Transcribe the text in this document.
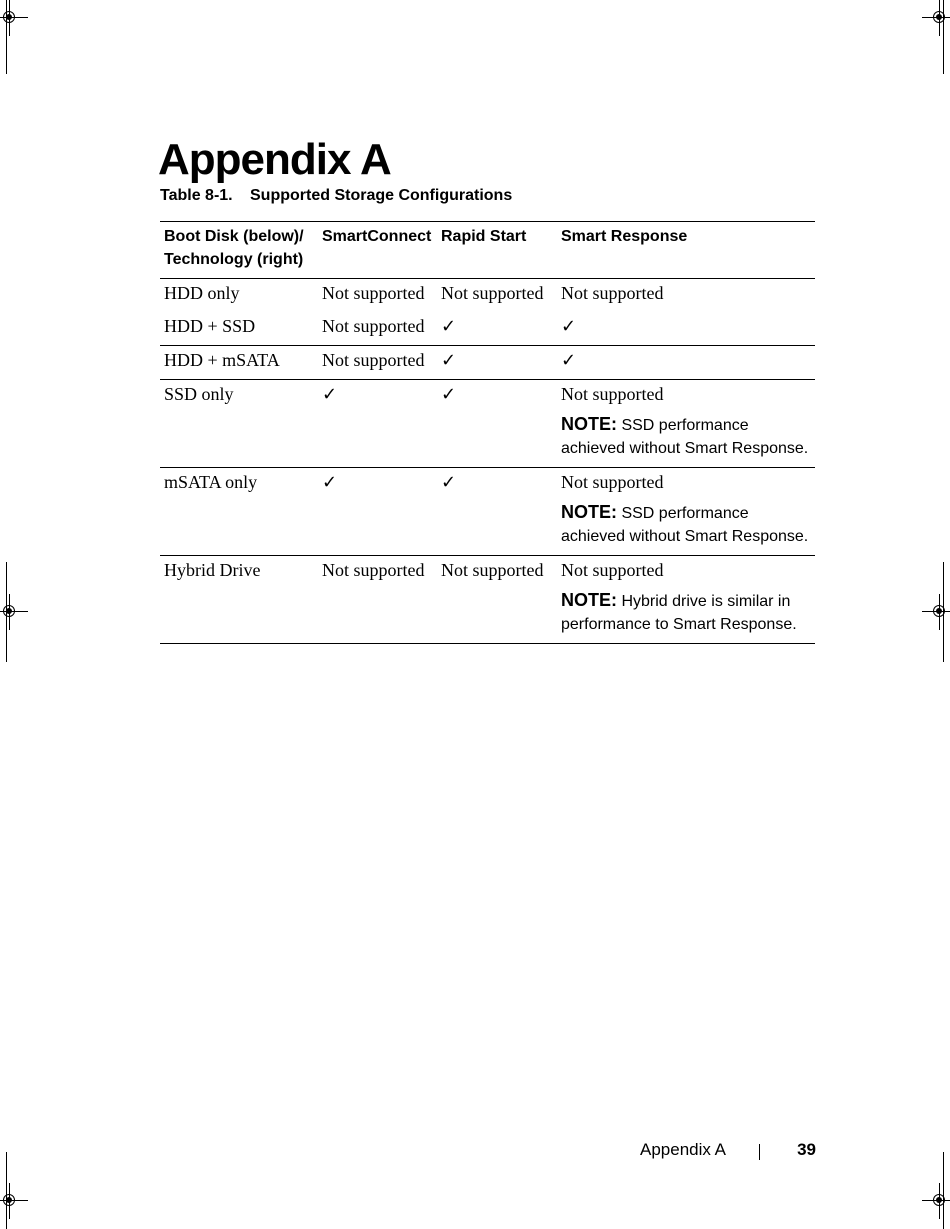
Appendix A
Table 8-1. Supported Storage Configurations
Boot Disk (below)/ Technology (right)	SmartConnect	Rapid Start	Smart Response
HDD only	Not supported	Not supported	Not supported
HDD + SSD	Not supported	✓	✓
HDD + mSATA	Not supported	✓	✓
SSD only	✓	✓	Not supported
NOTE: SSD performance achieved without Smart Response.

mSATA only	✓	✓	Not supported
NOTE: SSD performance achieved without Smart Response.

Hybrid Drive	Not supported	Not supported	Not supported
NOTE: Hybrid drive is similar in performance to Smart Response.
Appendix A	39
